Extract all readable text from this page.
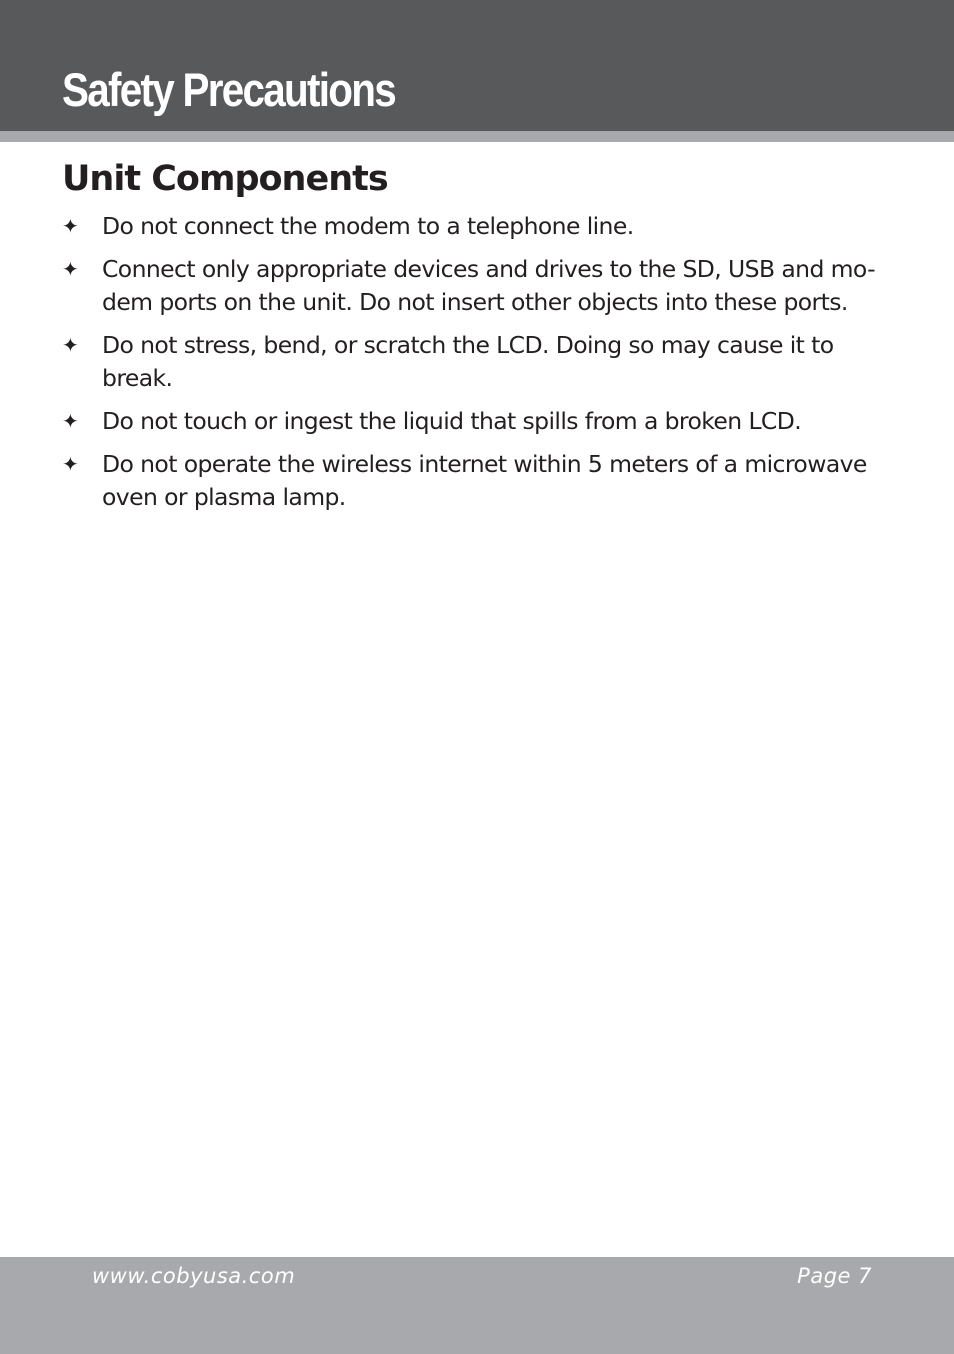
Safety Precautions
Unit Components
✦ Do not connect the modem to a telephone line.
✦ Connect only appropriate devices and drives to the SD, USB and mo-dem ports on the unit. Do not insert other objects into these ports.
✦ Do not stress, bend, or scratch the LCD. Doing so may cause it to break.
✦ Do not touch or ingest the liquid that spills from a broken LCD.
✦ Do not operate the wireless internet within 5 meters of a microwave oven or plasma lamp.
www.cobyusa.com	Page 7
